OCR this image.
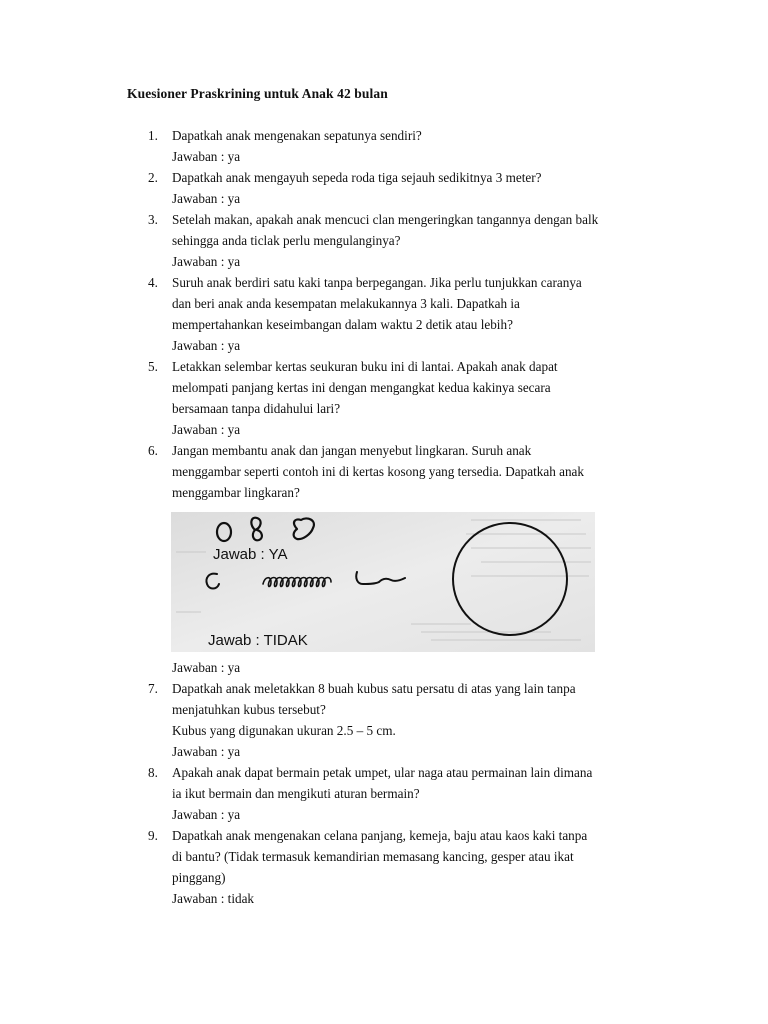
Kuesioner Praskrining untuk Anak 42 bulan
1. Dapatkah anak mengenakan sepatunya sendiri?
Jawaban : ya
2. Dapatkah anak mengayuh sepeda roda tiga sejauh sedikitnya 3 meter?
Jawaban : ya
3. Setelah makan, apakah anak mencuci clan mengeringkan tangannya dengan balk
sehingga anda ticlak perlu mengulanginya?
Jawaban : ya
4. Suruh anak berdiri satu kaki tanpa berpegangan. Jika perlu tunjukkan caranya
dan beri anak anda kesempatan melakukannya 3 kali. Dapatkah ia
mempertahankan keseimbangan dalam waktu 2 detik atau lebih?
Jawaban : ya
5. Letakkan selembar kertas seukuran buku ini di lantai. Apakah anak dapat
melompati panjang kertas ini dengan mengangkat kedua kakinya secara
bersamaan tanpa didahului lari?
Jawaban : ya
6. Jangan membantu anak dan jangan menyebut lingkaran. Suruh anak
menggambar seperti contoh ini di kertas kosong yang tersedia. Dapatkah anak
menggambar lingkaran?
Jawab : YA
Jawab : TIDAK
Jawaban : ya
7. Dapatkah anak meletakkan 8 buah kubus satu persatu di atas yang lain tanpa
menjatuhkan kubus tersebut?
Kubus yang digunakan ukuran 2.5 – 5 cm.
Jawaban : ya
8. Apakah anak dapat bermain petak umpet, ular naga atau permainan lain dimana
ia ikut bermain dan mengikuti aturan bermain?
Jawaban : ya
9. Dapatkah anak mengenakan celana panjang, kemeja, baju atau kaos kaki tanpa
di bantu? (Tidak termasuk kemandirian memasang kancing, gesper atau ikat
pinggang)
Jawaban : tidak
